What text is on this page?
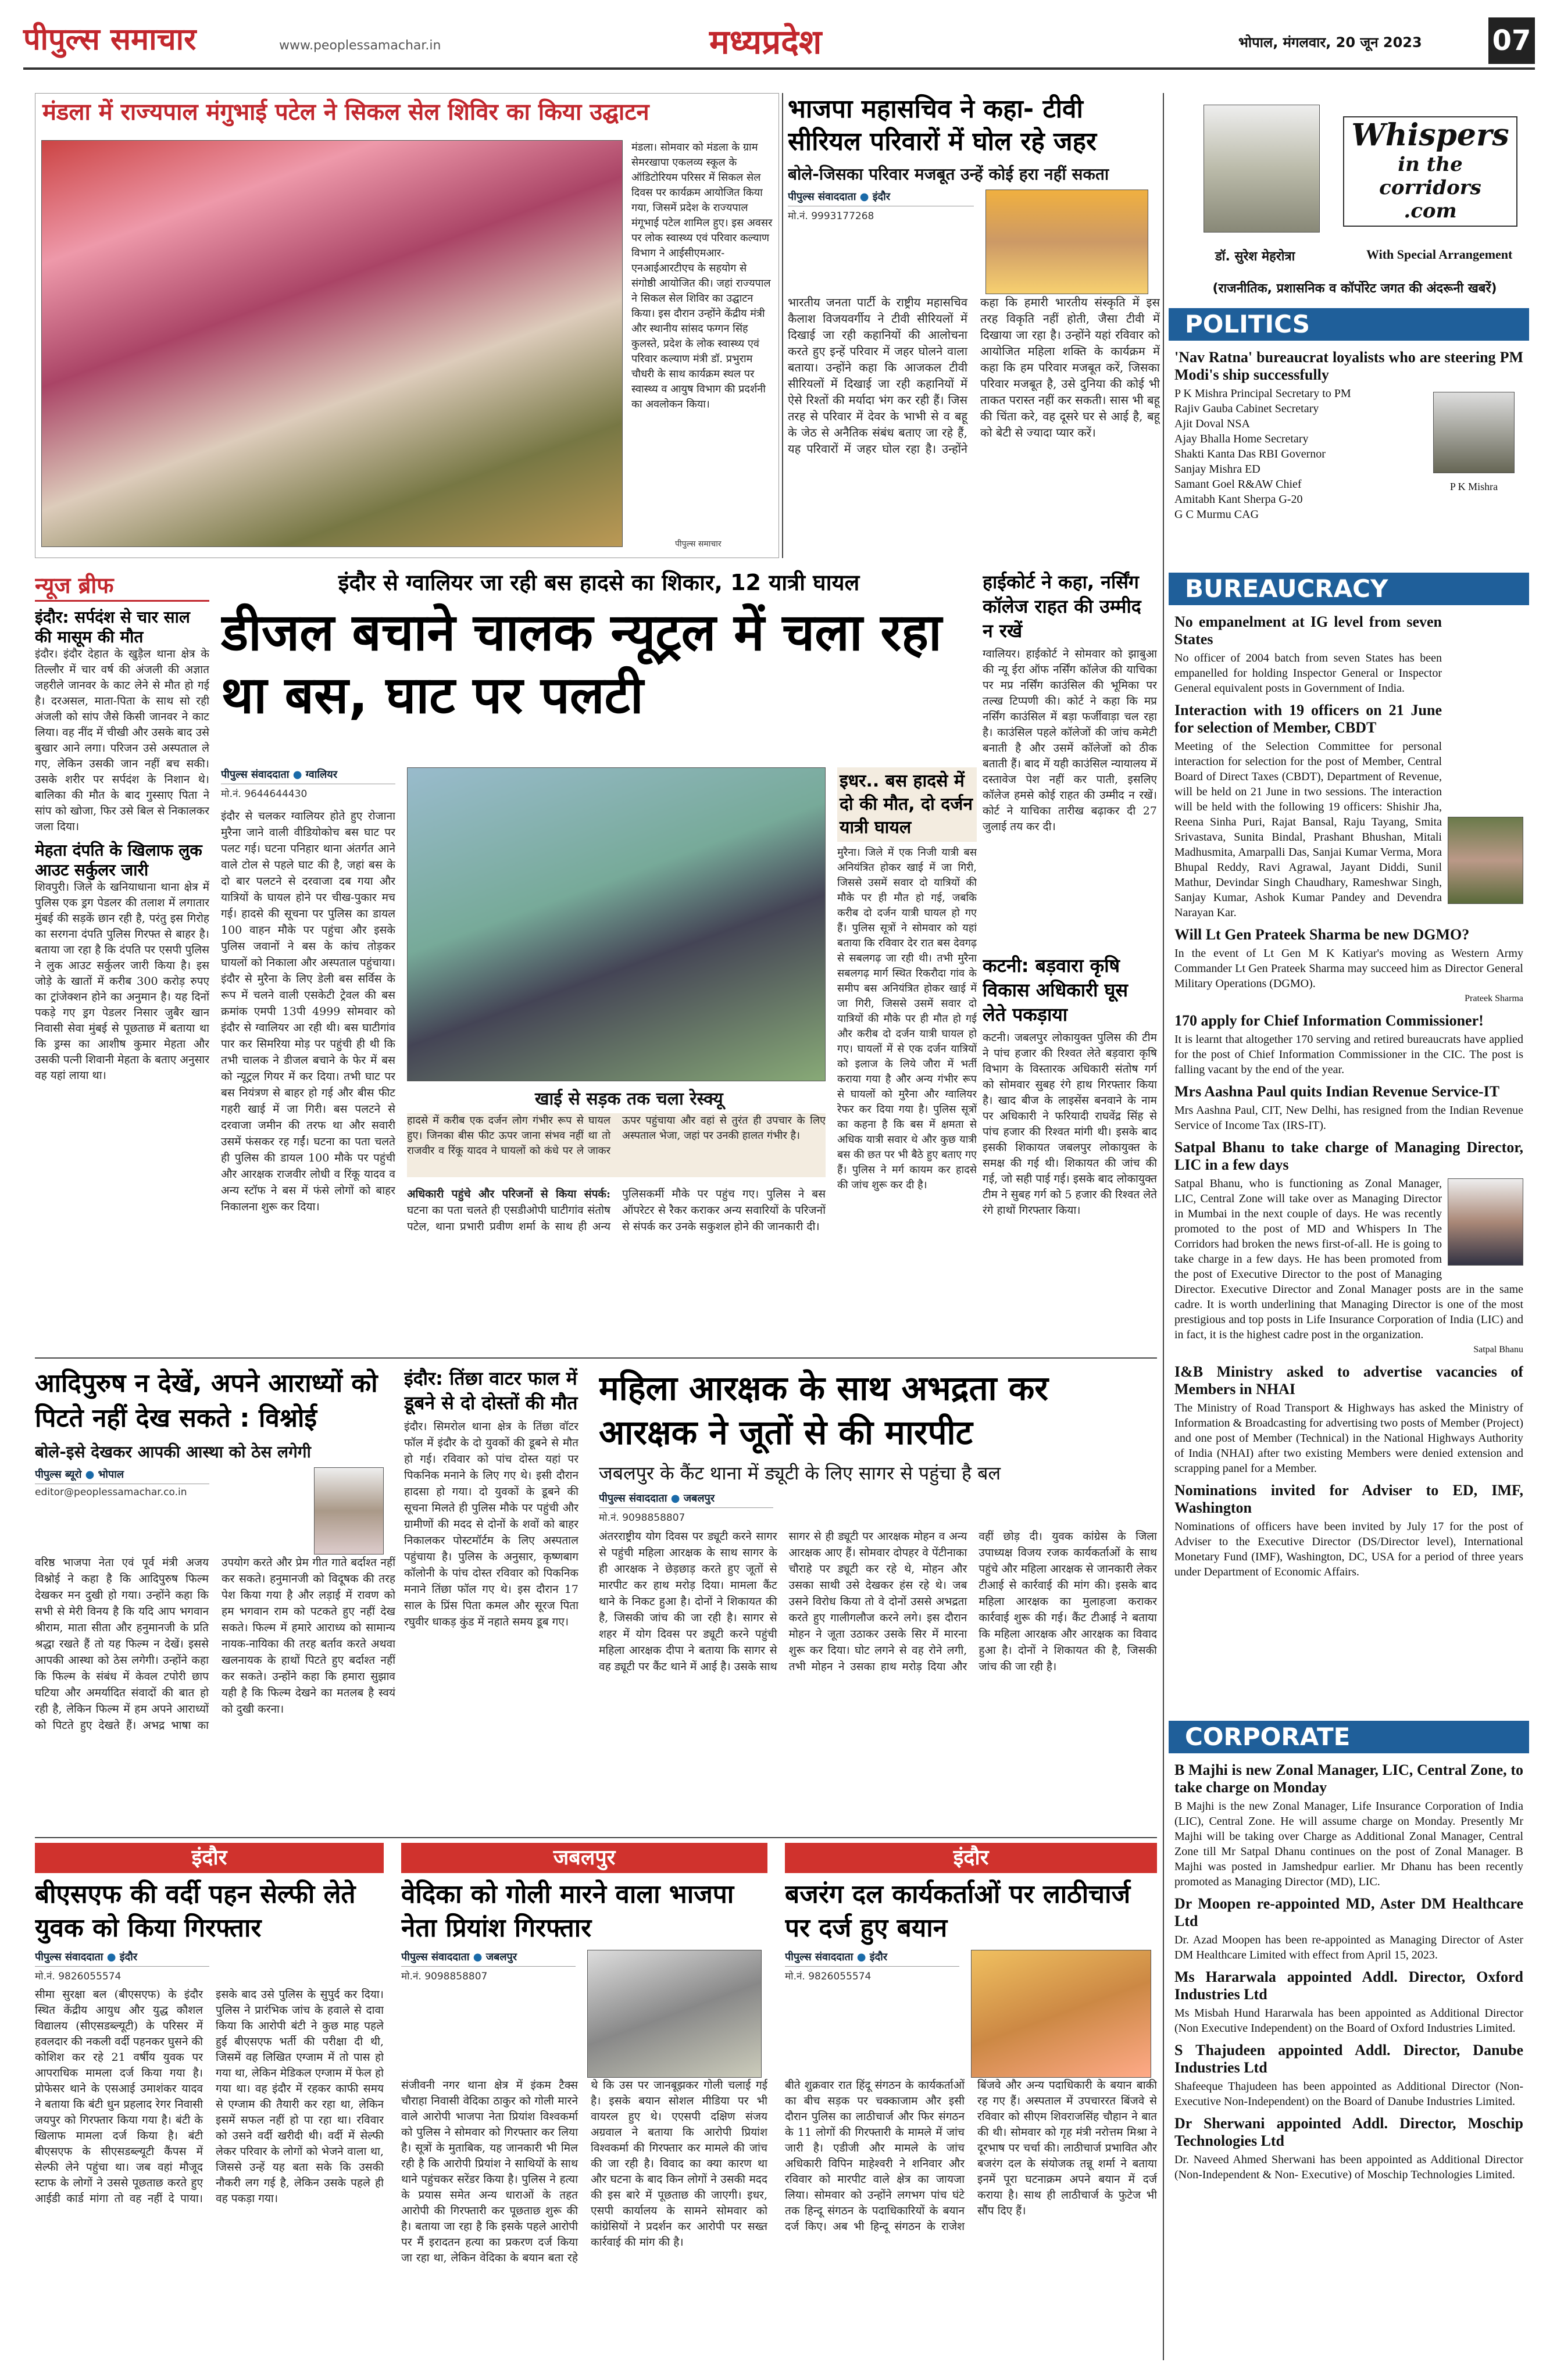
पीपुल्स समाचार	www.peoplessamachar.in	मध्यप्रदेश	भोपाल, मंगलवार, 20 जून 2023	07
मंडला में राज्यपाल मंगुभाई पटेल ने सिकल सेल शिविर का किया उद्घाटन
मंडला। सोमवार को मंडला के ग्राम सेमरखापा एकलव्य स्कूल के ऑडिटोरियम परिसर में सिकल सेल दिवस पर कार्यक्रम आयोजित किया गया, जिसमें प्रदेश के राज्यपाल मंगूभाई पटेल शामिल हुए। इस अवसर पर लोक स्वास्थ्य एवं परिवार कल्याण विभाग ने आईसीएमआर- एनआईआरटीएच के सहयोग से संगोष्ठी आयोजित की। जहां राज्यपाल ने सिकल सेल शिविर का उद्घाटन किया। इस दौरान उन्होंने केंद्रीय मंत्री और स्थानीय सांसद फग्गन सिंह कुलस्ते, प्रदेश के लोक स्वास्थ्य एवं परिवार कल्याण मंत्री डॉ. प्रभुराम चौधरी के साथ कार्यक्रम स्थल पर स्वास्थ्य व आयुष विभाग की प्रदर्शनी का अवलोकन किया।
पीपुल्स समाचार
भाजपा महासचिव ने कहा- टीवी सीरियल परिवारों में घोल रहे जहर
बोले-जिसका परिवार मजबूत उन्हें कोई हरा नहीं सकता
पीपुल्स संवाददाता ● इंदौर
मो.नं. 9993177268
भारतीय जनता पार्टी के राष्ट्रीय महासचिव कैलाश विजयवर्गीय ने टीवी सीरियलों में दिखाई जा रही कहानियों की आलोचना करते हुए इन्हें परिवार में जहर घोलने वाला बताया। उन्होंने कहा कि आजकल टीवी सीरियलों में दिखाई जा रही कहानियों में ऐसे रिश्तों की मर्यादा भंग कर रही हैं। जिस तरह से परिवार में देवर के भाभी से व बहू के जेठ से अनैतिक संबंध बताए जा रहे हैं, यह परिवारों में जहर घोल रहा है। उन्होंने कहा कि हमारी भारतीय संस्कृति में इस तरह विकृति नहीं होती, जैसा टीवी में दिखाया जा रहा है। उन्होंने यहां रविवार को आयोजित महिला शक्ति के कार्यक्रम में कहा कि हम परिवार मजबूत करें, जिसका परिवार मजबूत है, उसे दुनिया की कोई भी ताकत परास्त नहीं कर सकती। सास भी बहू की चिंता करे, वह दूसरे घर से आई है, बहू को बेटी से ज्यादा प्यार करें।
Whispers
in the corridors
.com
डॉ. सुरेश मेहरोत्रा	With Special Arrangement
(राजनीतिक, प्रशासनिक व कॉर्पोरेट जगत की अंदरूनी खबरें)
POLITICS
'Nav Ratna' bureaucrat loyalists who are steering PM Modi's ship successfully
P K Mishra Principal Secretary to PM
Rajiv Gauba Cabinet Secretary
Ajit Doval NSA
Ajay Bhalla Home Secretary
Shakti Kanta Das RBI Governor
Sanjay Mishra ED
Samant Goel R&AW Chief
Amitabh Kant Sherpa G-20
G C Murmu CAG
P K Mishra
BUREAUCRACY
No empanelment at IG level from seven States
No officer of 2004 batch from seven States has been empanelled for holding Inspector General or Inspector General equivalent posts in Government of India.
Interaction with 19 officers on 21 June for selection of Member, CBDT
Meeting of the Selection Committee for personal interaction for selection for the post of Member, Central Board of Direct Taxes (CBDT), Department of Revenue, will be held on 21 June in two sessions. The interaction will be held with the following 19 officers: Shishir Jha, Reena Sinha Puri, Rajat Bansal, Raju Tayang, Smita Srivastava, Sunita Bindal, Prashant Bhushan, Mitali Madhusmita, Amarpalli Das, Sanjai Kumar Verma, Mora Bhupal Reddy, Ravi Agrawal, Jayant Diddi, Sunil Mathur, Devindar Singh Chaudhary, Rameshwar Singh, Sanjay Kumar, Ashok Kumar Pandey and Devendra Narayan Kar.
Will Lt Gen Prateek Sharma be new DGMO?
In the event of Lt Gen M K Katiyar's moving as Western Army Commander Lt Gen Prateek Sharma may succeed him as Director General Military Operations (DGMO).
Prateek Sharma
170 apply for Chief Information Commissioner!
It is learnt that altogether 170 serving and retired bureaucrats have applied for the post of Chief Information Commissioner in the CIC. The post is falling vacant by the end of the year.
Mrs Aashna Paul quits Indian Revenue Service-IT
Mrs Aashna Paul, CIT, New Delhi, has resigned from the Indian Revenue Service of Income Tax (IRS-IT).
Satpal Bhanu to take charge of Managing Director, LIC in a few days
Satpal Bhanu, who is functioning as Zonal Manager, LIC, Central Zone will take over as Managing Director in Mumbai in the next couple of days. He was recently promoted to the post of MD and Whispers In The Corridors had broken the news first-of-all. He is going to take charge in a few days. He has been promoted from the post of Executive Director to the post of Managing Director. Executive Director and Zonal Manager posts are in the same cadre. It is worth underlining that Managing Director is one of the most prestigious and top posts in Life Insurance Corporation of India (LIC) and in fact, it is the highest cadre post in the organization.
Satpal Bhanu
I&B Ministry asked to advertise vacancies of Members in NHAI
The Ministry of Road Transport & Highways has asked the Ministry of Information & Broadcasting for advertising two posts of Member (Project) and one post of Member (Technical) in the National Highways Authority of India (NHAI) after two existing Members were denied extension and scrapping panel for a Member.
Nominations invited for Adviser to ED, IMF, Washington
Nominations of officers have been invited by July 17 for the post of Adviser to the Executive Director (DS/Director level), International Monetary Fund (IMF), Washington, DC, USA for a period of three years under Department of Economic Affairs.
CORPORATE
B Majhi is new Zonal Manager, LIC, Central Zone, to take charge on Monday
B Majhi is the new Zonal Manager, Life Insurance Corporation of India (LIC), Central Zone. He will assume charge on Monday. Presently Mr Majhi will be taking over Charge as Additional Zonal Manager, Central Zone till Mr Satpal Dhanu continues on the post of Zonal Manager. B Majhi was posted in Jamshedpur earlier. Mr Dhanu has been recently promoted as Managing Director (MD), LIC.
Dr Moopen re-appointed MD, Aster DM Healthcare Ltd
Dr. Azad Moopen has been re-appointed as Managing Director of Aster DM Healthcare Limited with effect from April 15, 2023.
Ms Hararwala appointed Addl. Director, Oxford Industries Ltd
Ms Misbah Hund Hararwala has been appointed as Additional Director (Non Executive Independent) on the Board of Oxford Industries Limited.
S Thajudeen appointed Addl. Director, Danube Industries Ltd
Shafeeque Thajudeen has been appointed as Additional Director (Non-Executive Non-Independent) on the Board of Danube Industries Limited.
Dr Sherwani appointed Addl. Director, Moschip Technologies Ltd
Dr. Naveed Ahmed Sherwani has been appointed as Additional Director (Non-Independent & Non- Executive) of Moschip Technologies Limited.
न्यूज ब्रीफ
इंदौर: सर्पदंश से चार साल की मासूम की मौत
इंदौर। इंदौर देहात के खुड़ैल थाना क्षेत्र के तिल्लौर में चार वर्ष की अंजली की अज्ञात जहरीले जानवर के काट लेने से मौत हो गई है। दरअसल, माता-पिता के साथ सो रही अंजली को सांप जैसे किसी जानवर ने काट लिया। वह नींद में चीखी और उसके बाद उसे बुखार आने लगा। परिजन उसे अस्पताल ले गए, लेकिन उसकी जान नहीं बच सकी। उसके शरीर पर सर्पदंश के निशान थे। बालिका की मौत के बाद गुस्साए पिता ने सांप को खोजा, फिर उसे बिल से निकालकर जला दिया।
मेहता दंपति के खिलाफ लुक आउट सर्कुलर जारी
शिवपुरी। जिले के खनियाधाना थाना क्षेत्र में पुलिस एक ड्रग पेडलर की तलाश में लगातार मुंबई की सड़कें छान रही है, परंतु इस गिरोह का सरगना दंपति पुलिस गिरफ्त से बाहर है। बताया जा रहा है कि दंपति पर एसपी पुलिस ने लुक आउट सर्कुलर जारी किया है। इस जोड़े के खातों में करीब 300 करोड़ रुपए का ट्रांजेक्शन होने का अनुमान है। यह दिनों पकड़े गए ड्रग पेडलर निसार जुबैर खान निवासी सेवा मुंबई से पूछताछ में बताया था कि ड्रग्स का आशीष कुमार मेहता और उसकी पत्नी शिवानी मेहता के बताए अनुसार वह यहां लाया था।
इंदौर से ग्वालियर जा रही बस हादसे का शिकार, 12 यात्री घायल
डीजल बचाने चालक न्यूट्रल में चला रहा था बस, घाट पर पलटी
पीपुल्स संवाददाता ● ग्वालियर
मो.नं. 9644644430
इंदौर से चलकर ग्वालियर होते हुए रोजाना मुरैना जाने वाली वीडियोकोच बस घाट पर पलट गई। घटना पनिहार थाना अंतर्गत आने वाले टोल से पहले घाट की है, जहां बस के दो बार पलटने से दरवाजा दब गया और यात्रियों के घायल होने पर चीख-पुकार मच गई। हादसे की सूचना पर पुलिस का डायल 100 वाहन मौके पर पहुंचा और इसके पुलिस जवानों ने बस के कांच तोड़कर घायलों को निकाला और अस्पताल पहुंचाया। इंदौर से मुरैना के लिए डेली बस सर्विस के रूप में चलने वाली एसकेटी ट्रेवल की बस क्रमांक एमपी 13पी 4999 सोमवार को इंदौर से ग्वालियर आ रही थी। बस घाटीगांव पार कर सिमरिया मोड़ पर पहुंची ही थी कि तभी चालक ने डीजल बचाने के फेर में बस को न्यूट्रल गियर में कर दिया। तभी घाट पर बस नियंत्रण से बाहर हो गई और बीस फीट गहरी खाई में जा गिरी। बस पलटने से दरवाजा जमीन की तरफ था और सवारी उसमें फंसकर रह गईं। घटना का पता चलते ही पुलिस की डायल 100 मौके पर पहुंची और आरक्षक राजवीर लोधी व रिंकू यादव व अन्य स्टॉफ ने बस में फंसे लोगों को बाहर निकालना शुरू कर दिया।
खाई से सड़क तक चला रेस्क्यू
हादसे में करीब एक दर्जन लोग गंभीर रूप से घायल हुए। जिनका बीस फीट ऊपर जाना संभव नहीं था तो राजवीर व रिंकू यादव ने घायलों को कंधे पर ले जाकर ऊपर पहुंचाया और वहां से तुरंत ही उपचार के लिए अस्पताल भेजा, जहां पर उनकी हालत गंभीर है।
अधिकारी पहुंचे और परिजनों से किया संपर्क: घटना का पता चलते ही एसडीओपी घाटीगांव संतोष पटेल, थाना प्रभारी प्रवीण शर्मा के साथ ही अन्य पुलिसकर्मी मौके पर पहुंच गए। पुलिस ने बस ऑपरेटर से रैकर कराकर अन्य सवारियों के परिजनों से संपर्क कर उनके सकुशल होने की जानकारी दी।
इधर.. बस हादसे में दो की मौत, दो दर्जन यात्री घायल
मुरैना। जिले में एक निजी यात्री बस अनियंत्रित होकर खाई में जा गिरी, जिससे उसमें सवार दो यात्रियों की मौके पर ही मौत हो गई, जबकि करीब दो दर्जन यात्री घायल हो गए हैं। पुलिस सूत्रों ने सोमवार को यहां बताया कि रविवार देर रात बस देवगढ़ से सबलगढ़ जा रही थी। तभी मुरैना सबलगढ़ मार्ग स्थित रिकरौदा गांव के समीप बस अनियंत्रित होकर खाई में जा गिरी, जिससे उसमें सवार दो यात्रियों की मौके पर ही मौत हो गई और करीब दो दर्जन यात्री घायल हो गए। घायलों में से एक दर्जन यात्रियों को इलाज के लिये जौरा में भर्ती कराया गया है और अन्य गंभीर रूप से घायलों को मुरैना और ग्वालियर रेफर कर दिया गया है। पुलिस सूत्रों का कहना है कि बस में क्षमता से अधिक यात्री सवार थे और कुछ यात्री बस की छत पर भी बैठे हुए बताए गए हैं। पुलिस ने मर्ग कायम कर हादसे की जांच शुरू कर दी है।
हाईकोर्ट ने कहा, नर्सिंग कॉलेज राहत की उम्मीद न रखें
ग्वालियर। हाईकोर्ट ने सोमवार को झाबुआ की न्यू ईरा ऑफ नर्सिंग कॉलेज की याचिका पर मप्र नर्सिंग काउंसिल की भूमिका पर तल्ख टिप्पणी की। कोर्ट ने कहा कि मप्र नर्सिंग काउंसिल में बड़ा फर्जीवाड़ा चल रहा है। काउंसिल पहले कॉलेजों की जांच कमेटी बनाती है और उसमें कॉलेजों को ठीक बताती हैं। बाद में यही काउंसिल न्यायालय में दस्तावेज पेश नहीं कर पाती, इसलिए कॉलेज हमसे कोई राहत की उम्मीद न रखें। कोर्ट ने याचिका तारीख बढ़ाकर दी 27 जुलाई तय कर दी।
कटनी: बड़वारा कृषि विकास अधिकारी घूस लेते पकड़ाया
कटनी। जबलपुर लोकायुक्त पुलिस की टीम ने पांच हजार की रिश्वत लेते बड़वारा कृषि विभाग के विस्तारक अधिकारी संतोष गर्ग को सोमवार सुबह रंगे हाथ गिरफ्तार किया है। खाद बीज के लाइसेंस बनवाने के नाम पर अधिकारी ने फरियादी राघवेंद्र सिंह से पांच हजार की रिश्वत मांगी थी। इसके बाद इसकी शिकायत जबलपुर लोकायुक्त के समक्ष की गई थी। शिकायत की जांच की गई, जो सही पाई गई। इसके बाद लोकायुक्त टीम ने सुबह गर्ग को 5 हजार की रिश्वत लेते रंगे हाथों गिरफ्तार किया।
आदिपुरुष न देखें, अपने आराध्यों को पिटते नहीं देख सकते : विश्नोई
बोले-इसे देखकर आपकी आस्था को ठेस लगेगी
पीपुल्स ब्यूरो ● भोपाल
editor@peoplessamachar.co.in
वरिष्ठ भाजपा नेता एवं पूर्व मंत्री अजय विश्नोई ने कहा है कि आदिपुरुष फिल्म देखकर मन दुखी हो गया। उन्होंने कहा कि सभी से मेरी विनय है कि यदि आप भगवान श्रीराम, माता सीता और हनुमानजी के प्रति श्रद्धा रखते हैं तो यह फिल्म न देखें। इससे आपकी आस्था को ठेस लगेगी। उन्होंने कहा कि फिल्म के संबंध में केवल टपोरी छाप घटिया और अमर्यादित संवादों की बात हो रही है, लेकिन फिल्म में हम अपने आराध्यों को पिटते हुए देखते हैं। अभद्र भाषा का उपयोग करते और प्रेम गीत गाते बर्दाश्त नहीं कर सकते। हनुमानजी को विदूषक की तरह पेश किया गया है और लड़ाई में रावण को हम भगवान राम को पटकते हुए नहीं देख सकते। फिल्म में हमारे आराध्य को सामान्य नायक-नायिका की तरह बर्ताव करते अथवा खलनायक के हाथों पिटते हुए बर्दाश्त नहीं कर सकते। उन्होंने कहा कि हमारा सुझाव यही है कि फिल्म देखने का मतलब है स्वयं को दुखी करना।
इंदौर: तिंछा वाटर फाल में डूबने से दो दोस्तों की मौत
इंदौर। सिमरोल थाना क्षेत्र के तिंछा वॉटर फॉल में इंदौर के दो युवकों की डूबने से मौत हो गई। रविवार को पांच दोस्त यहां पर पिकनिक मनाने के लिए गए थे। इसी दौरान हादसा हो गया। दो युवकों के डूबने की सूचना मिलते ही पुलिस मौके पर पहुंची और ग्रामीणों की मदद से दोनों के शवों को बाहर निकालकर पोस्टमॉर्टम के लिए अस्पताल पहुंचाया है। पुलिस के अनुसार, कृष्णबाग कॉलोनी के पांच दोस्त रविवार को पिकनिक मनाने तिंछा फॉल गए थे। इस दौरान 17 साल के प्रिंस पिता कमल और सूरज पिता रघुवीर धाकड़ कुंड में नहाते समय डूब गए।
महिला आरक्षक के साथ अभद्रता कर आरक्षक ने जूतों से की मारपीट
जबलपुर के कैंट थाना में ड्यूटी के लिए सागर से पहुंचा है बल
पीपुल्स संवाददाता ● जबलपुर
मो.नं. 9098858807
अंतरराष्ट्रीय योग दिवस पर ड्यूटी करने सागर से पहुंची महिला आरक्षक के साथ सागर के ही आरक्षक ने छेड़छाड़ करते हुए जूतों से मारपीट कर हाथ मरोड़ दिया। मामला कैंट थाने के निकट हुआ है। दोनों ने शिकायत की है, जिसकी जांच की जा रही है। सागर से शहर में योग दिवस पर ड्यूटी करने पहुंची महिला आरक्षक दीपा ने बताया कि सागर से वह ड्यूटी पर कैंट थाने में आई है। उसके साथ सागर से ही ड्यूटी पर आरक्षक मोहन व अन्य आरक्षक आए हैं। सोमवार दोपहर वे पेंटीनाका चौराहे पर ड्यूटी कर रहे थे, मोहन और उसका साथी उसे देखकर हंस रहे थे। जब उसने विरोध किया तो वे दोनों उससे अभद्रता करते हुए गालीगलौज करने लगे। इस दौरान मोहन ने जूता उठाकर उसके सिर में मारना शुरू कर दिया। घोट लगने से वह रोने लगी, तभी मोहन ने उसका हाथ मरोड़ दिया और वहीं छोड़ दी। युवक कांग्रेस के जिला उपाध्यक्ष विजय रजक कार्यकर्ताओं के साथ पहुंचे और महिला आरक्षक से जानकारी लेकर टीआई से कार्रवाई की मांग की। इसके बाद महिला आरक्षक का मुलाहजा कराकर कार्रवाई शुरू की गई। कैंट टीआई ने बताया कि महिला आरक्षक और आरक्षक का विवाद हुआ है। दोनों ने शिकायत की है, जिसकी जांच की जा रही है।
इंदौर
बीएसएफ की वर्दी पहन सेल्फी लेते युवक को किया गिरफ्तार
पीपुल्स संवाददाता ● इंदौर
मो.नं. 9826055574
सीमा सुरक्षा बल (बीएसएफ) के इंदौर स्थित केंद्रीय आयुध और युद्ध कौशल विद्यालय (सीएसडब्ल्यूटी) के परिसर में हवलदार की नकली वर्दी पहनकर घुसने की कोशिश कर रहे 21 वर्षीय युवक पर आपराधिक मामला दर्ज किया गया है। प्रोफेसर थाने के एसआई उमाशंकर यादव ने बताया कि बंटी धुन प्रहलाद रेगर निवासी जयपुर को गिरफ्तार किया गया है। बंटी के खिलाफ मामला दर्ज किया है। बंटी बीएसएफ के सीएसडब्ल्यूटी कैंपस में सेल्फी लेने पहुंचा था। जब वहां मौजूद स्टाफ के लोगों ने उससे पूछताछ करते हुए आईडी कार्ड मांगा तो वह नहीं दे पाया। इसके बाद उसे पुलिस के सुपुर्द कर दिया। पुलिस ने प्रारंभिक जांच के हवाले से दावा किया कि आरोपी बंटी ने कुछ माह पहले हुई बीएसएफ भर्ती की परीक्षा दी थी, जिसमें वह लिखित एग्जाम में तो पास हो गया था, लेकिन मेडिकल एग्जाम में फेल हो गया था। वह इंदौर में रहकर काफी समय से एग्जाम की तैयारी कर रहा था, लेकिन इसमें सफल नहीं हो पा रहा था। रविवार को उसने वर्दी खरीदी थी। वर्दी में सेल्फी लेकर परिवार के लोगों को भेजने वाला था, जिससे उन्हें यह बता सके कि उसकी नौकरी लग गई है, लेकिन उसके पहले ही वह पकड़ा गया।
जबलपुर
वेदिका को गोली मारने वाला भाजपा नेता प्रियांश गिरफ्तार
पीपुल्स संवाददाता ● जबलपुर
मो.नं. 9098858807
संजीवनी नगर थाना क्षेत्र में इंकम टैक्स चौराहा निवासी वेदिका ठाकुर को गोली मारने वाले आरोपी भाजपा नेता प्रियांश विश्वकर्मा को पुलिस ने सोमवार को गिरफ्तार कर लिया है। सूत्रों के मुताबिक, यह जानकारी भी मिल रही है कि आरोपी प्रियांश ने साथियों के साथ थाने पहुंचकर सरेंडर किया है। पुलिस ने हत्या के प्रयास समेत अन्य धाराओं के तहत आरोपी की गिरफ्तारी कर पूछताछ शुरू की है। बताया जा रहा है कि इसके पहले आरोपी पर मैं इरादतन हत्या का प्रकरण दर्ज किया जा रहा था, लेकिन वेदिका के बयान बता रहे थे कि उस पर जानबूझकर गोली चलाई गई है। इसके बयान सोशल मीडिया पर भी वायरल हुए थे। एएसपी दक्षिण संजय अग्रवाल ने बताया कि आरोपी प्रियांश विश्वकर्मा की गिरफ्तार कर मामले की जांच की जा रही है। विवाद का क्या कारण था और घटना के बाद किन लोगों ने उसकी मदद की इस बारे में पूछताछ की जाएगी। इधर, एसपी कार्यालय के सामने सोमवार को कांग्रेसियों ने प्रदर्शन कर आरोपी पर सख्त कार्रवाई की मांग की है।
इंदौर
बजरंग दल कार्यकर्ताओं पर लाठीचार्ज पर दर्ज हुए बयान
पीपुल्स संवाददाता ● इंदौर
मो.नं. 9826055574
बीते शुक्रवार रात हिंदू संगठन के कार्यकर्ताओं का बीच सड़क पर चक्काजाम और इसी दौरान पुलिस का लाठीचार्ज और फिर संगठन के 11 लोगों की गिरफ्तारी के मामले में जांच जारी है। एडीजी और मामले के जांच अधिकारी विपिन माहेश्वरी ने शनिवार और रविवार को मारपीट वाले क्षेत्र का जायजा लिया। सोमवार को उन्होंने लगभग पांच घंटे तक हिन्दू संगठन के पदाधिकारियों के बयान दर्ज किए। अब भी हिन्दू संगठन के राजेश बिंजवे और अन्य पदाधिकारी के बयान बाकी रह गए हैं। अस्पताल में उपचाररत बिंजवे से रविवार को सीएम शिवराजसिंह चौहान ने बात की थी। सोमवार को गृह मंत्री नरोत्तम मिश्रा ने दूरभाष पर चर्चा की। लाठीचार्ज प्रभावित और बजरंग दल के संयोजक तन्नू शर्मा ने बताया इनमें पूरा घटनाक्रम अपने बयान में दर्ज कराया है। साथ ही लाठीचार्ज के फुटेज भी सौंप दिए हैं।
